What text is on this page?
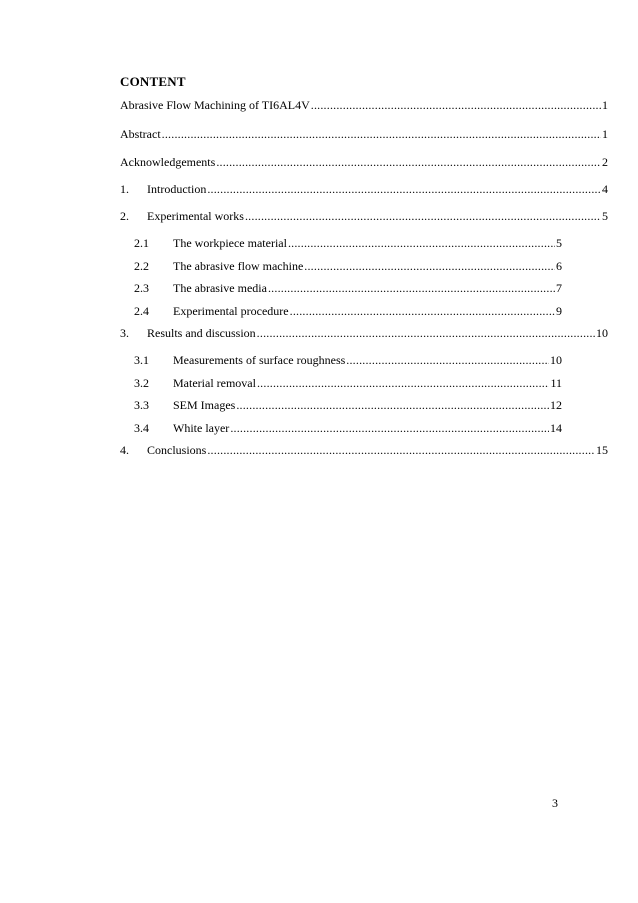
CONTENT
Abrasive Flow Machining of TI6AL4V .....	1
Abstract .....	1
Acknowledgements .....	2
1.	Introduction .....	4
2.	Experimental works .....	5
2.1	The workpiece material .....	5
2.2	The abrasive flow machine .....	6
2.3	The abrasive media .....	7
2.4	Experimental procedure .....	9
3.	Results and discussion .....	10
3.1	Measurements of surface roughness .....	10
3.2	Material removal .....	11
3.3	SEM Images .....	12
3.4	White layer .....	14
4.	Conclusions .....	15
3
